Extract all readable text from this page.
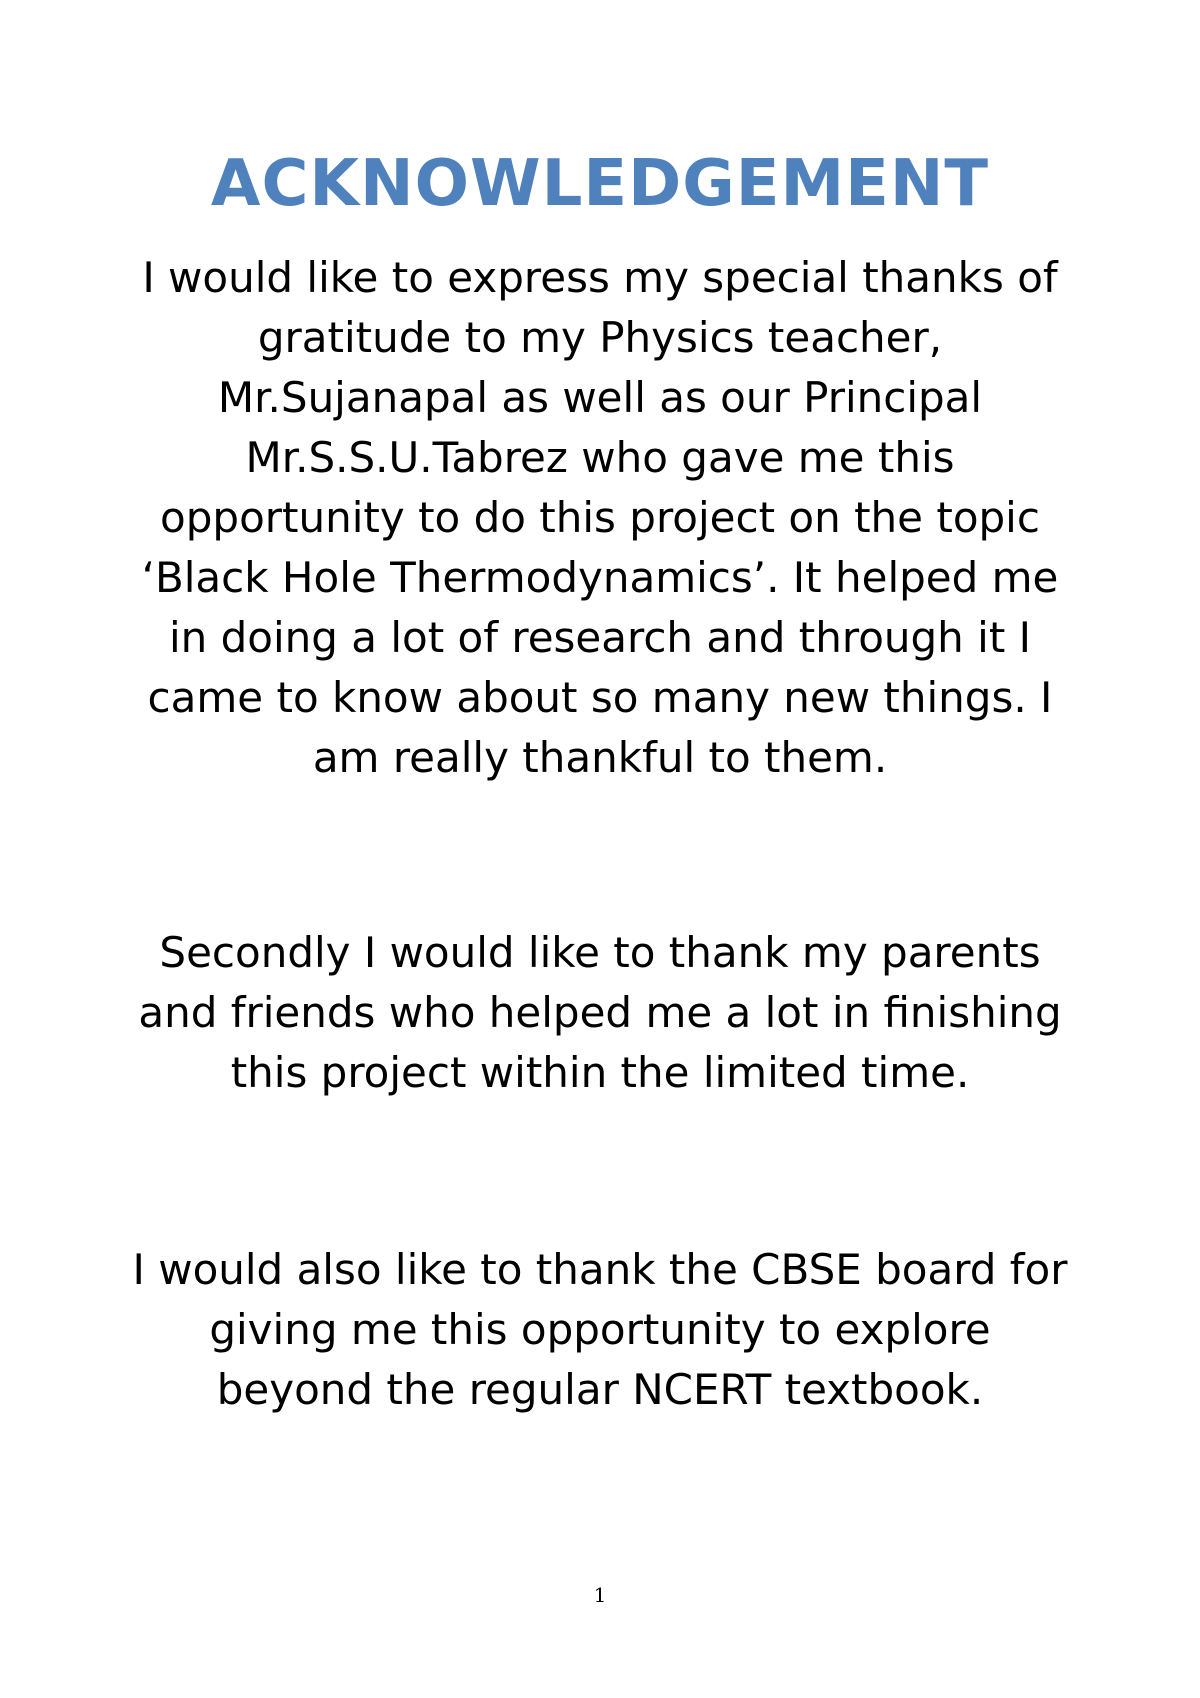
ACKNOWLEDGEMENT

I would like to express my special thanks of gratitude to my Physics teacher, Mr.Sujanapal as well as our Principal Mr.S.S.U.Tabrez who gave me this opportunity to do this project on the topic ‘Black Hole Thermodynamics’. It helped me in doing a lot of research and through it I came to know about so many new things. I am really thankful to them.

Secondly I would like to thank my parents and friends who helped me a lot in finishing this project within the limited time.

I would also like to thank the CBSE board for giving me this opportunity to explore beyond the regular NCERT textbook.

1
